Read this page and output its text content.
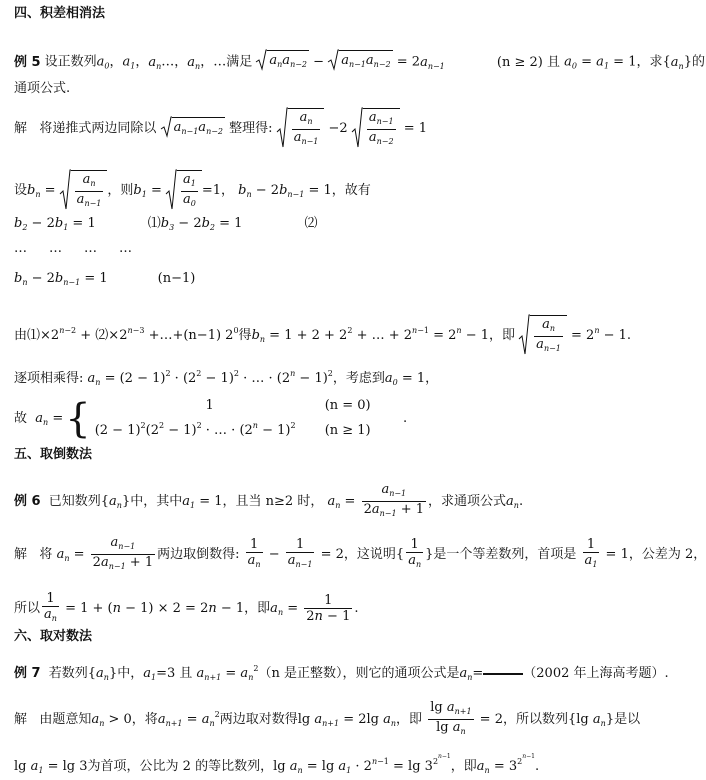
四、积差相消法
例 5 设正数列$a_0$，$a_1$，$a_n\dots$，$a_n$，…满足 $a_na_{n-2}$ −
$a_{n-1}a_{n-2} = 2a_{n-1}$	(n ≥ 2) 且 $a_0 = a_1 = 1$，求$\{a_n\}$的
通项公式.
解 将递推式两边同除以 $a_{n-1}a_{n-2}$ 整理得: $\frac{a_n}{a_{n-1}} -2 \frac{a_{n-1}}{a_{n-2}} = 1$
设$b_n = \frac{a_n}{a_{n-1}}$ ，则$b_1 = \frac{a_1}{a_0} =1$， $b_n - 2b_{n-1} = 1$，故有
$b_2 - 2b_1 = 1$	$⑴b_3 - 2b_2 = 1$	⑵
… … … …
$b_n - 2b_{n-1} = 1$	(n−1)
由$⑴\times 2^{n-2}$ + $⑵\times 2^{n-3}$ +…+(n−1) $2^0$得$b_n = 1 + 2 + 2^2$ + … + $2^{n-1} = 2^n - 1$，即 $\frac{a_n}{a_{n-1}} = 2^n - 1$.
逐项相乘得: $a_n = (2 - 1)^2 \cdot (2^2 - 1)^2$ · … · $(2^n - 1)^2$，考虑到$a_0 = 1$，
故 $a_n$ ={	1	(n = 0)
$(2 - 1)^2(2^2 - 1)^2$ · … · $(2^n - 1)^2$ (n ≥ 1)
.
五、取倒数法
例 6 已知数列$\{a_n\}$中，其中$a_1 = 1$，且当 n≥2 时， $a_n = \frac{a_{n-1}}{2a_{n-1} + 1}$ ，求通项公式$a_n$.
解 将 $a_n = \frac{a_{n-1}}{2a_{n-1} + 1}$ 两边取倒数得: $\frac{1}{a_n} - \frac{1}{a_{n-1}} = 2$，这说明{ $\frac{1}{a_n}$ }是一个等差数列，首项是 $\frac{1}{a_1} = 1$，公差为 2，
所以 $\frac{1}{a_n} = 1 + (n - 1) \times 2 = 2n - 1$，即$a_n = \frac{1}{2n - 1}$ .
六、取对数法
例 7 若数列$\{a_n\}$中，$a_1=3$ 且 $a_{n+1} = a_n^2(n$ 是正整数），则它的通项公式是$a_n=$	（2002 年上海高考题）.
解 由题意知$a_n > 0$，将$a_{n+1} = a_n^2$两边取对数得$\lg a_{n+1} = 2\lg$ $a_n$，即 $\frac{\lg a_{n+1}}{\lg a_n} = 2$，所以数列{lg $a_n$}是以
$\lg a_1 = \lg 3$为首项，公比为 2 的等比数列，$\lg a_n = \lg a_1 \cdot 2^{n-1} = \lg 3^{2^{n-1}}$，即$a_n = 3^{2^{n-1}}$.
